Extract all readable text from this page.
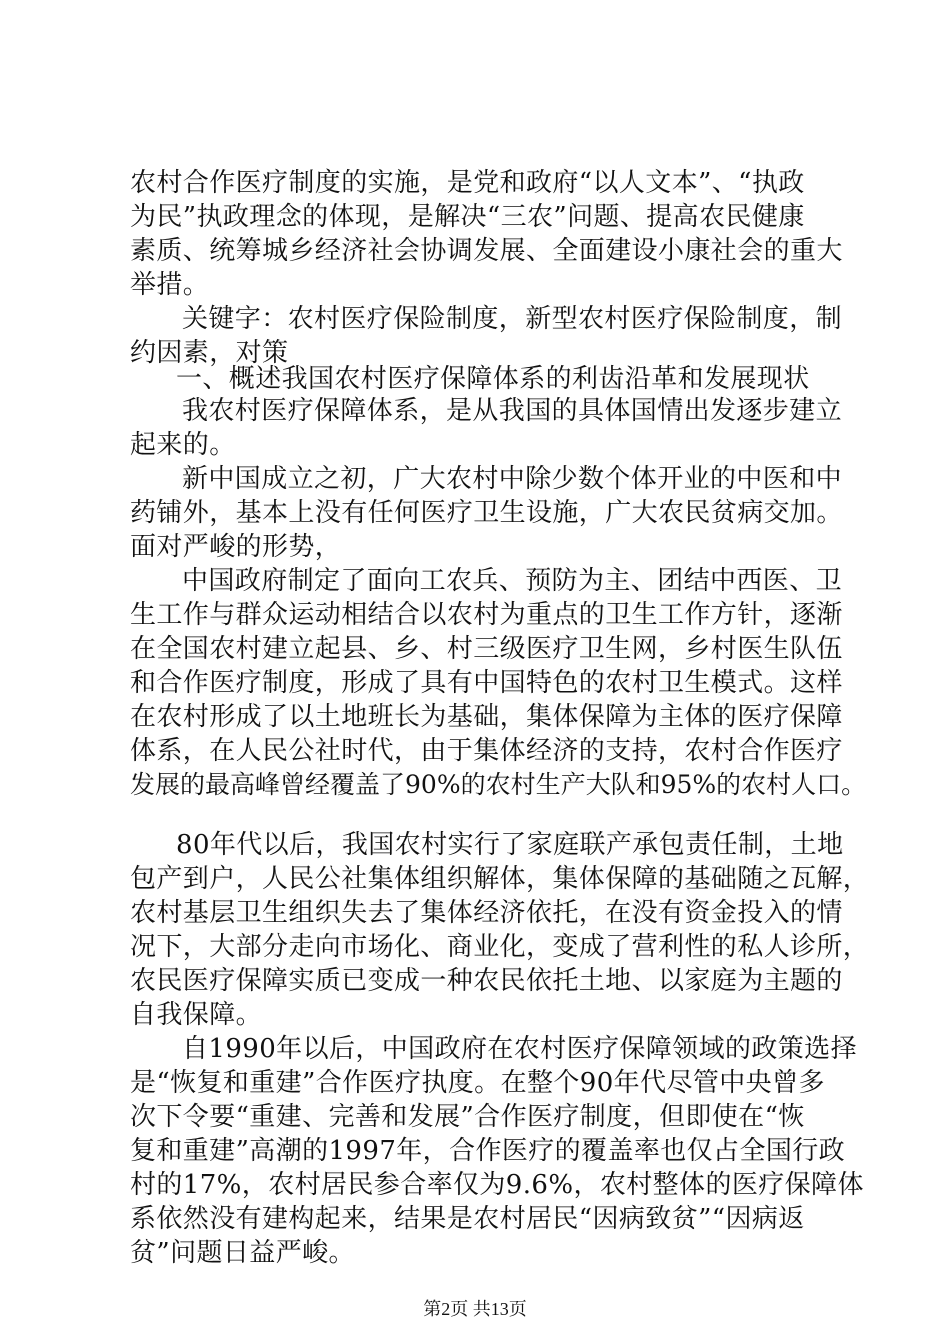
农村合作医疗制度的实施，是党和政府“以人文本”、“执政
为民”执政理念的体现，是解决“三农”问题、提高农民健康
素质、统筹城乡经济社会协调发展、全面建设小康社会的重大
举措。
关键字：农村医疗保险制度，新型农村医疗保险制度，制
约因素，对策
一、概述我国农村医疗保障体系的利齿沿革和发展现状
我农村医疗保障体系，是从我国的具体国情出发逐步建立
起来的。
新中国成立之初，广大农村中除少数个体开业的中医和中
药铺外，基本上没有任何医疗卫生设施，广大农民贫病交加。
面对严峻的形势，
中国政府制定了面向工农兵、预防为主、团结中西医、卫
生工作与群众运动相结合以农村为重点的卫生工作方针，逐渐
在全国农村建立起县、乡、村三级医疗卫生网，乡村医生队伍
和合作医疗制度，形成了具有中国特色的农村卫生模式。这样
在农村形成了以土地班长为基础，集体保障为主体的医疗保障
体系，在人民公社时代，由于集体经济的支持，农村合作医疗
发展的最高峰曾经覆盖了90%的农村生产大队和95%的农村人口。
80年代以后，我国农村实行了家庭联产承包责任制，土地
包产到户，人民公社集体组织解体，集体保障的基础随之瓦解，
农村基层卫生组织失去了集体经济依托，在没有资金投入的情
况下，大部分走向市场化、商业化，变成了营利性的私人诊所，
农民医疗保障实质已变成一种农民依托土地、以家庭为主题的
自我保障。
自1990年以后，中国政府在农村医疗保障领域的政策选择
是“恢复和重建”合作医疗执度。在整个90年代尽管中央曾多
次下令要“重建、完善和发展”合作医疗制度，但即使在“恢
复和重建”高潮的1997年，合作医疗的覆盖率也仅占全国行政
村的17%，农村居民参合率仅为9.6%，农村整体的医疗保障体
系依然没有建构起来，结果是农村居民“因病致贫”“因病返
贫”问题日益严峻。
第2页 共13页
